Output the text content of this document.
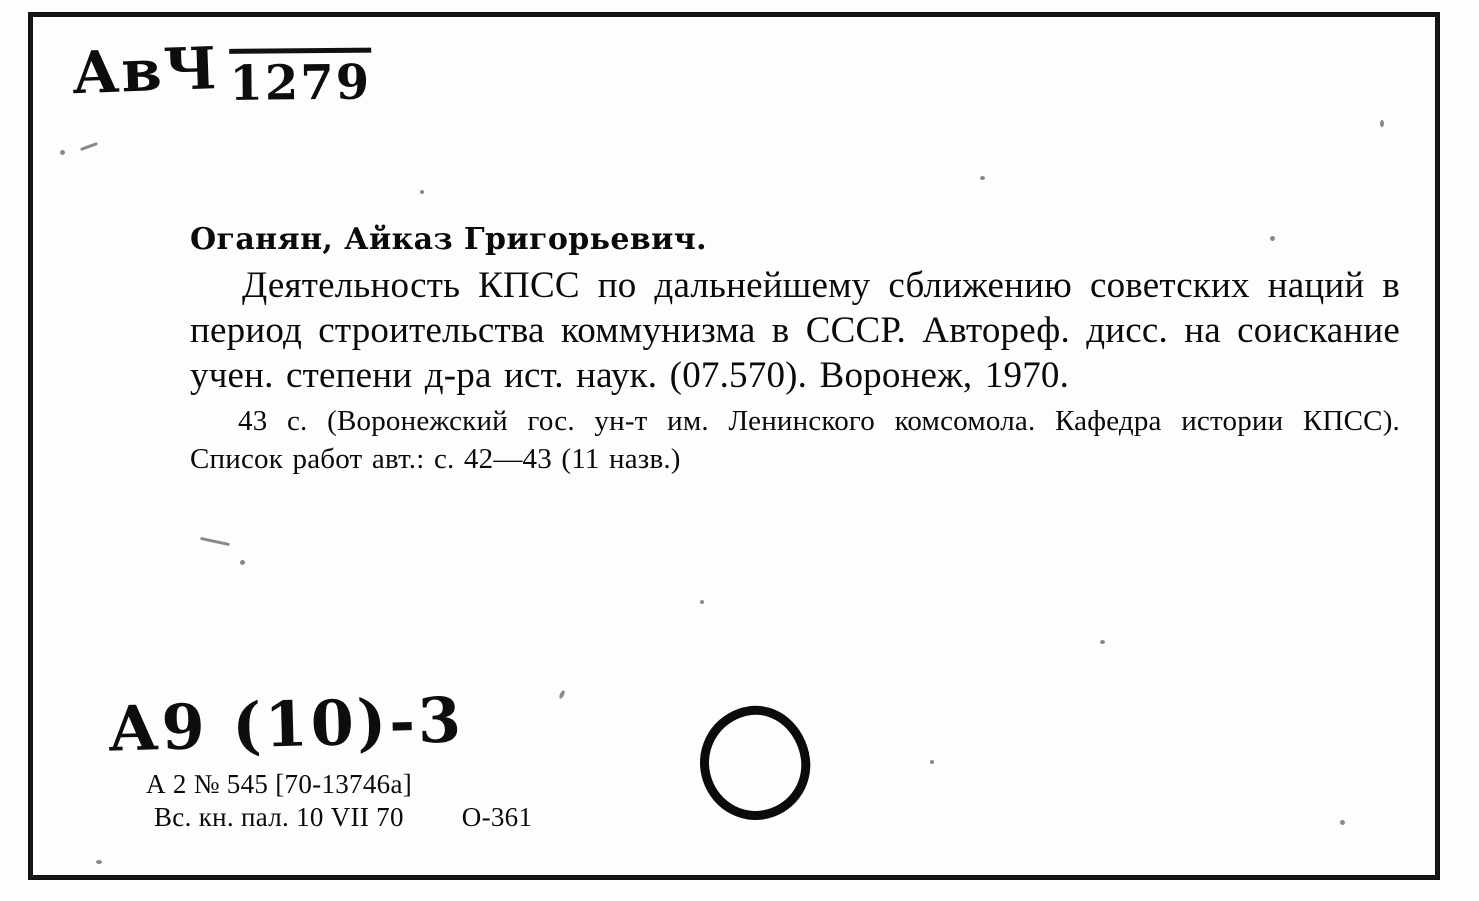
АвЧ 1279
Оганян, Айказ Григорьевич.
Деятельность КПСС по дальнейшему сближению советских наций в период строительства коммунизма в СССР. Автореф. дисс. на соискание учен. степени д-ра ист. наук. (07.570). Воронеж, 1970.
43 с. (Воронежский гос. ун-т им. Ленинского комсомола. Кафедра истории КПСС). Список работ авт.: с. 42—43 (11 назв.)
А9 (10)-3
А 2 № 545 [70-13746а]
Вс. кн. пал. 10 VII 70 О-361
